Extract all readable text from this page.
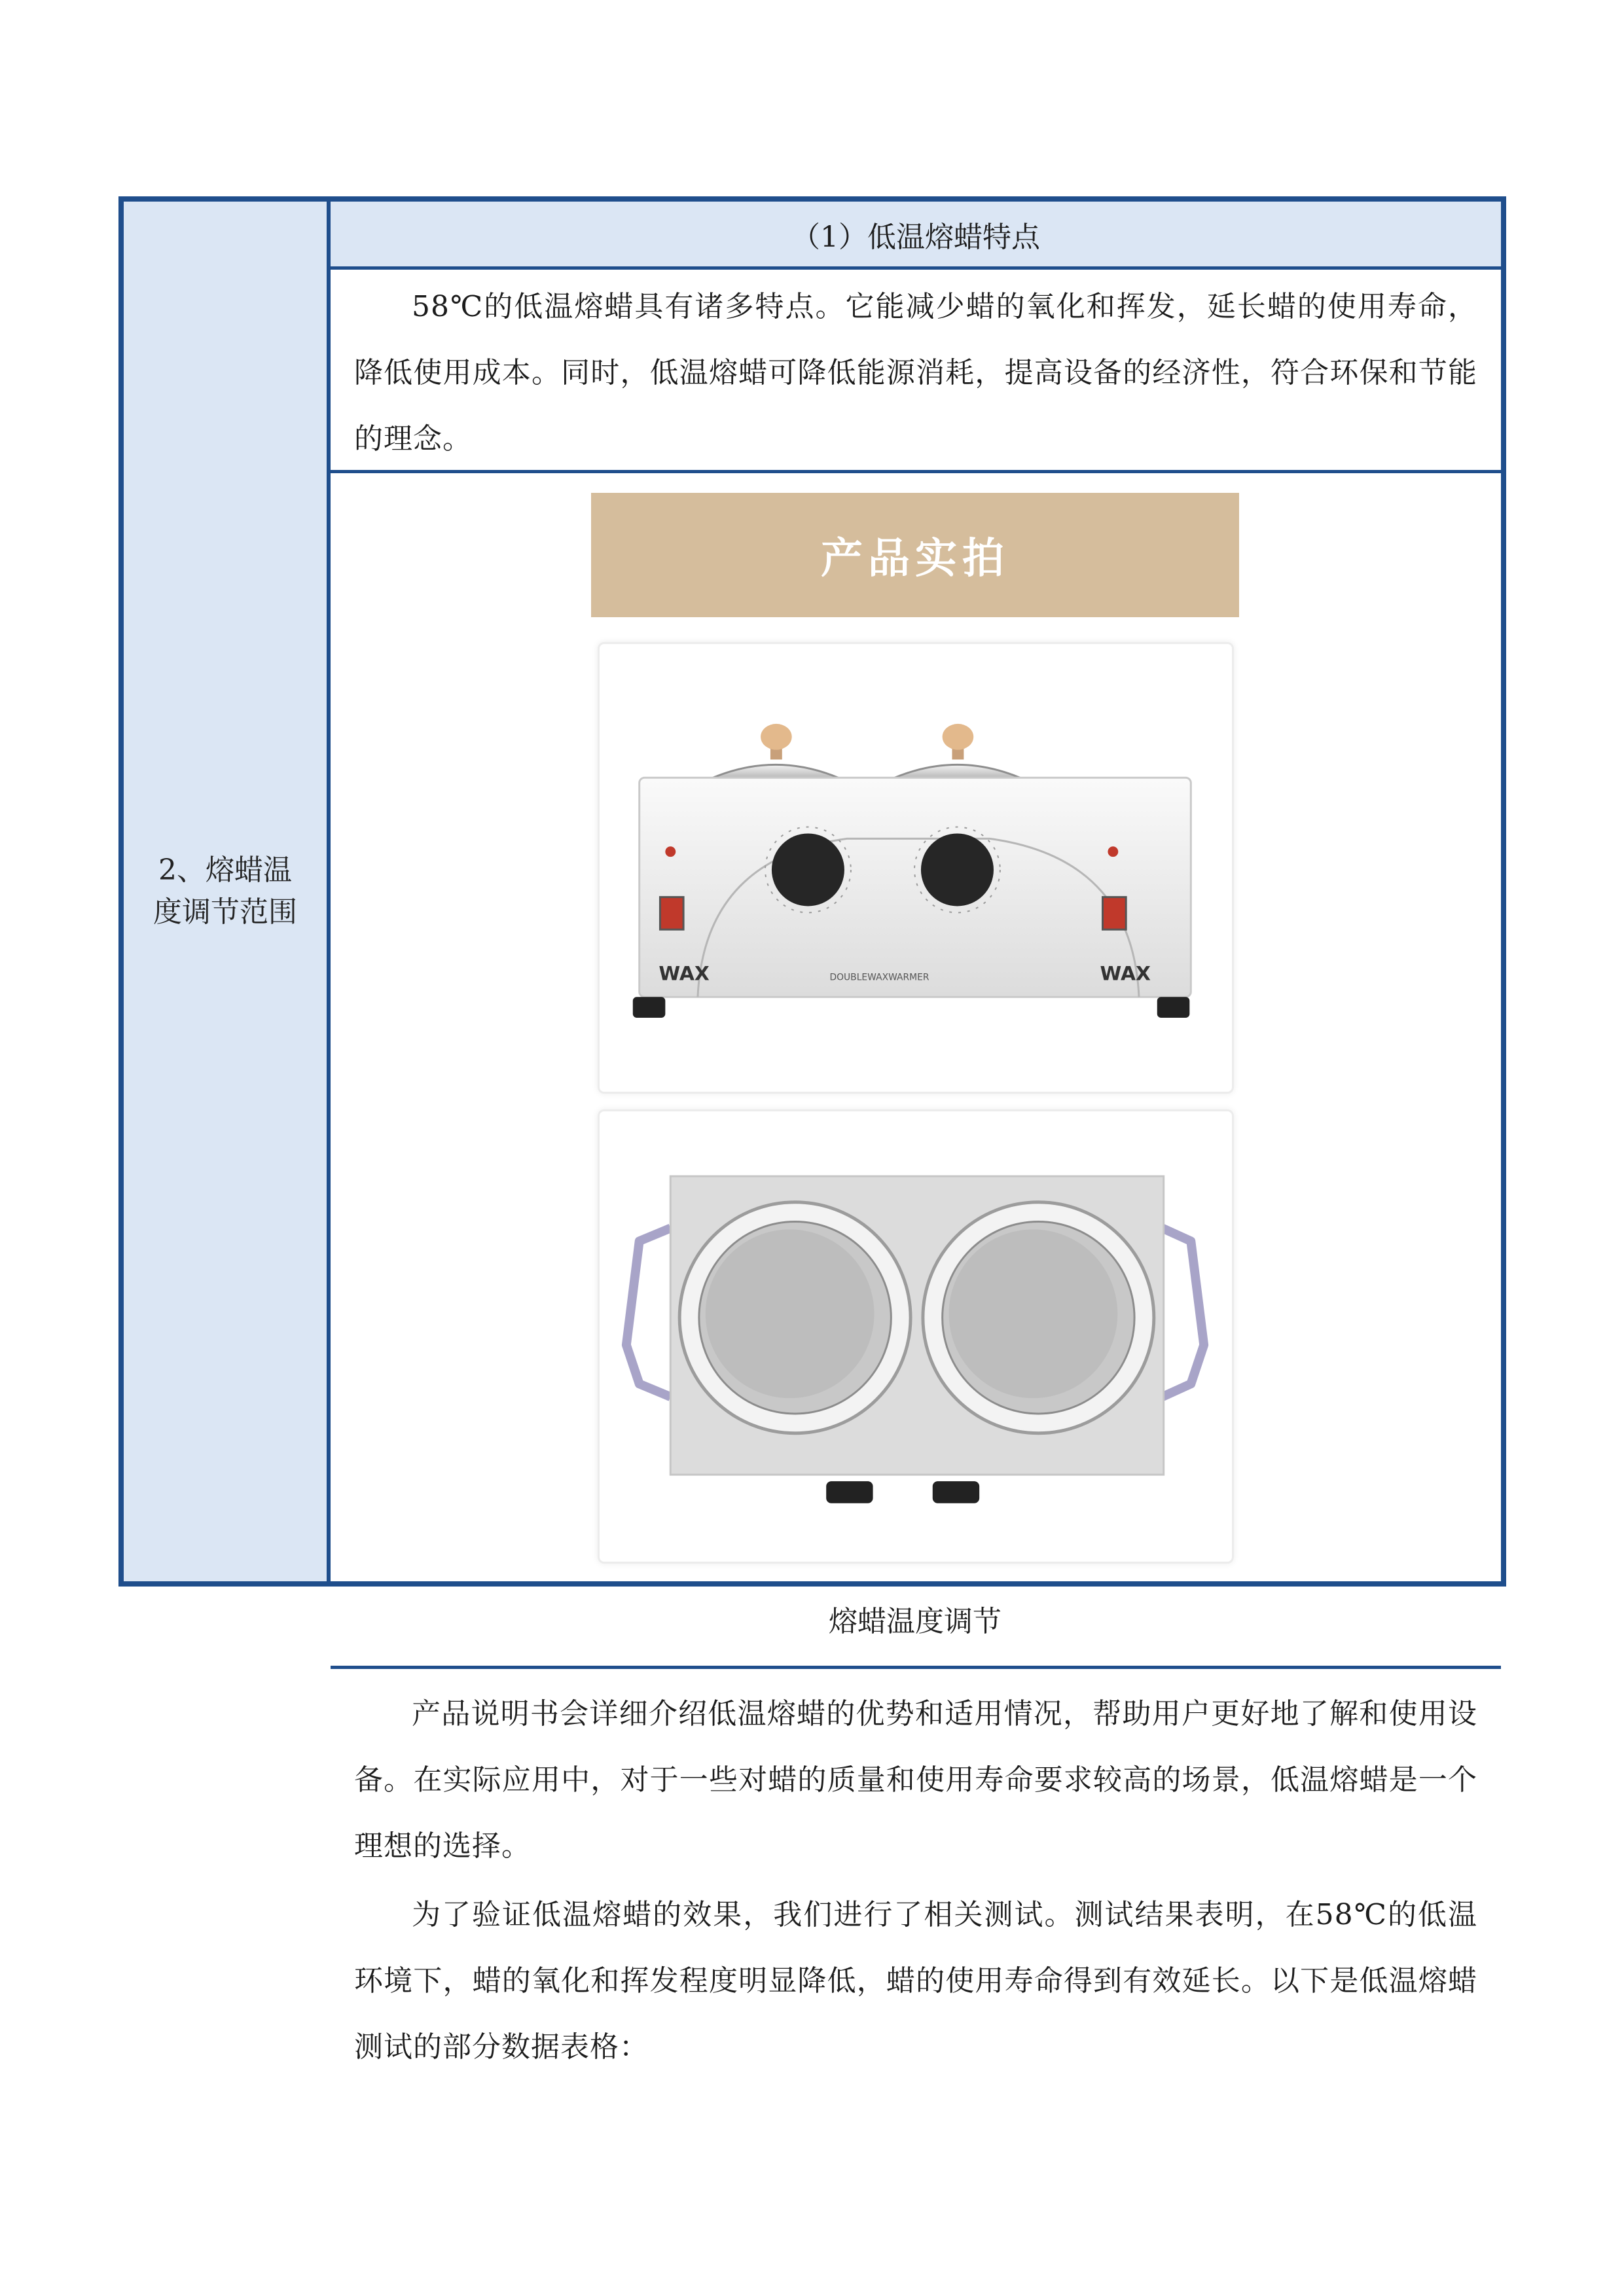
2、熔蜡温度调节范围
（1）低温熔蜡特点

58℃的低温熔蜡具有诸多特点。它能减少蜡的氧化和挥发，延长蜡的使用寿命，降低使用成本。同时，低温熔蜡可降低能源消耗，提高设备的经济性，符合环保和节能的理念。

产品实拍
WAX	WAX
DOUBLEWAXWARMER
熔蜡温度调节

产品说明书会详细介绍低温熔蜡的优势和适用情况，帮助用户更好地了解和使用设备。在实际应用中，对于一些对蜡的质量和使用寿命要求较高的场景，低温熔蜡是一个理想的选择。

为了验证低温熔蜡的效果，我们进行了相关测试。测试结果表明，在58℃的低温环境下，蜡的氧化和挥发程度明显降低，蜡的使用寿命得到有效延长。以下是低温熔蜡测试的部分数据表格：
